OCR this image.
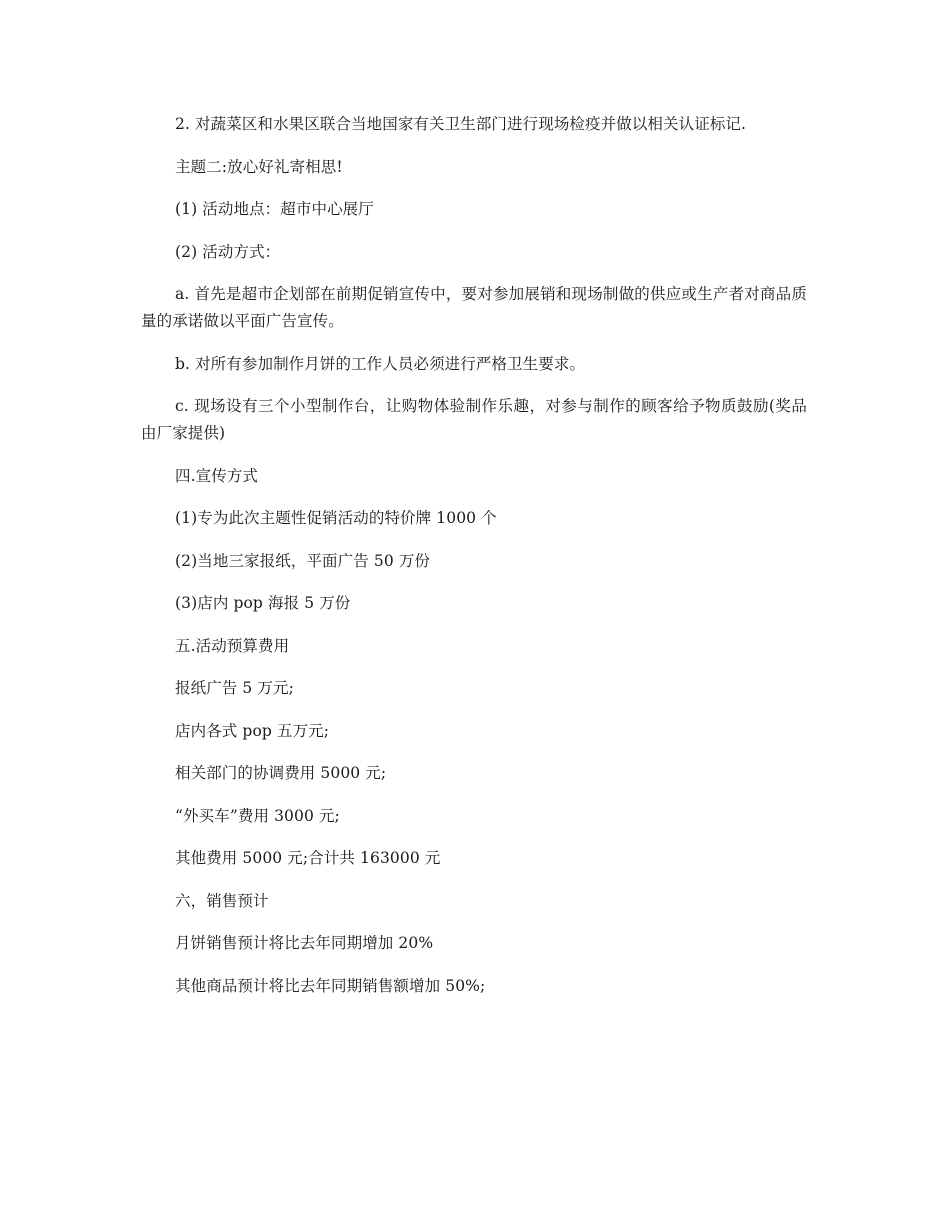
2. 对蔬菜区和水果区联合当地国家有关卫生部门进行现场检疫并做以相关认证标记.

主题二:放心好礼寄相思!

(1) 活动地点：超市中心展厅

(2) 活动方式：

a. 首先是超市企划部在前期促销宣传中，要对参加展销和现场制做的供应或生产者对商品质量的承诺做以平面广告宣传。

b. 对所有参加制作月饼的工作人员必须进行严格卫生要求。

c. 现场设有三个小型制作台，让购物体验制作乐趣，对参与制作的顾客给予物质鼓励(奖品由厂家提供)

四.宣传方式

(1)专为此次主题性促销活动的特价牌 1000 个

(2)当地三家报纸，平面广告 50 万份

(3)店内 pop 海报 5 万份

五.活动预算费用

报纸广告 5 万元;

店内各式 pop 五万元;

相关部门的协调费用 5000 元;

“外买车”费用 3000 元;

其他费用 5000 元;合计共 163000 元

六，销售预计

月饼销售预计将比去年同期增加 20%

其他商品预计将比去年同期销售额增加 50%;
